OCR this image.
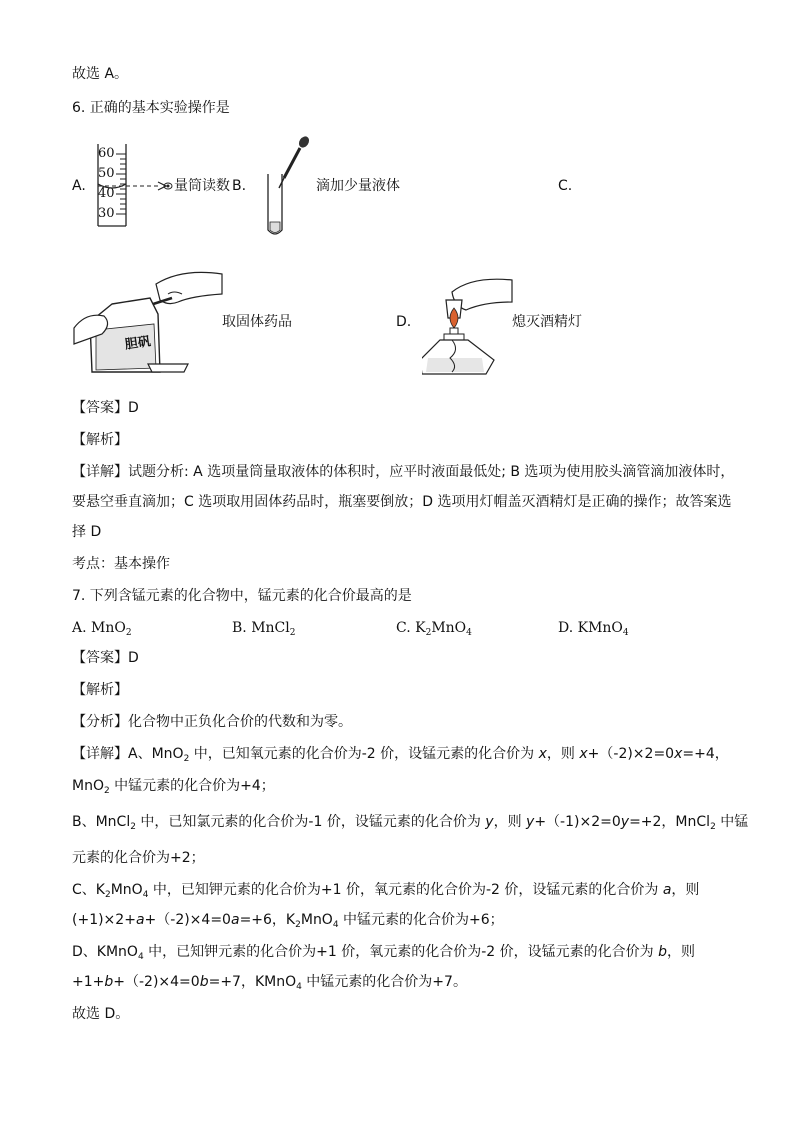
故选 A。
6. 正确的基本实验操作是
A.
60
50
40
30
量筒读数 B.	滴加少量液体	C.
胆矾
取固体药品	D.	熄灭酒精灯
【答案】D
【解析】
【详解】试题分析: A 选项量筒量取液体的体积时，应平时液面最低处; B 选项为使用胶头滴管滴加液体时，
要悬空垂直滴加；C 选项取用固体药品时，瓶塞要倒放；D 选项用灯帽盖灭酒精灯是正确的操作；故答案选
择 D
考点：基本操作
7. 下列含锰元素的化合物中，锰元素的化合价最高的是
A. MnO$_2$	B. MnCl$_2$	C. $K_2MnO_4$	D. KMnO$_4$
【答案】D
【解析】
【分析】化合物中正负化合价的代数和为零。
【详解】A、MnO$_2$ 中，已知氧元素的化合价为-2 价，设锰元素的化合价为 x，则 x+（-2)×2=0x=+4，
MnO$_2$ 中锰元素的化合价为+4；
B、MnCl$_2$ 中，已知氯元素的化合价为-1 价，设锰元素的化合价为 y，则 y+（-1)×2=0y=+2，MnCl$_2$ 中锰
元素的化合价为+2；
C、$K_2MnO_4$ 中，已知钾元素的化合价为+1 价，氧元素的化合价为-2 价，设锰元素的化合价为 a，则
(+1)×2+a+（-2)×4=0a=+6，$K_2MnO_4$ 中锰元素的化合价为+6；
D、KMnO$_4$ 中，已知钾元素的化合价为+1 价，氧元素的化合价为-2 价，设锰元素的化合价为 b，则
+1+b+（-2)×4=0b=+7，KMnO$_4$ 中锰元素的化合价为+7。
故选 D。
